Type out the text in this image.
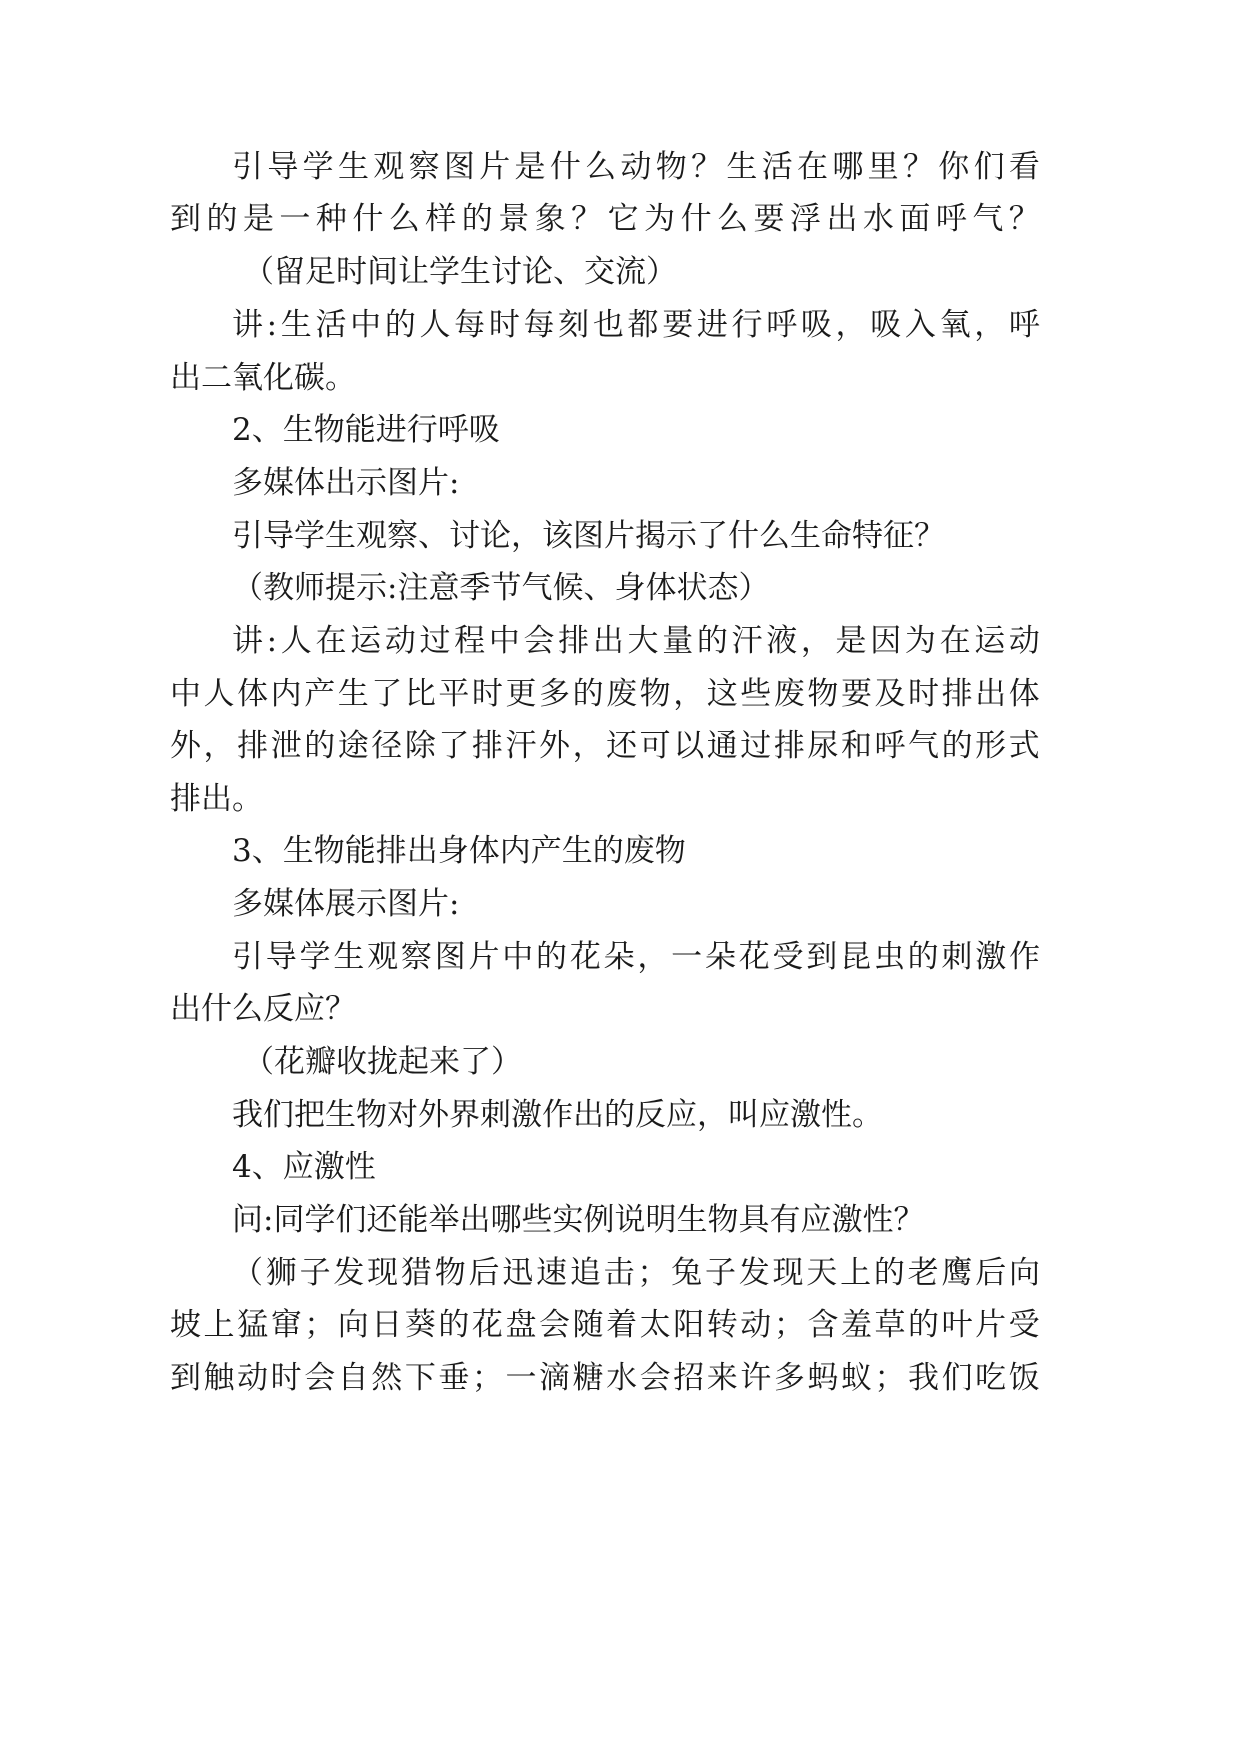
引 导 学 生 观 察 图 片 是 什 么 动 物 ？ 生 活 在 哪 里 ？ 你 们 看
到 的 是 一 种 什 么 样 的 景 象 ？ 它 为 什 么 要 浮 出 水 面 呼 气 ？
（留足时间让学生讨论、交流）
讲 : 生 活 中 的 人 每 时 每 刻 也 都 要 进 行 呼 吸 ， 吸 入 氧 ， 呼
出二氧化碳。
2、生物能进行呼吸
多媒体出示图片:
引导学生观察、讨论，该图片揭示了什么生命特征？
（教师提示:注意季节气候、身体状态）
讲 : 人 在 运 动 过 程 中 会 排 出 大 量 的 汗 液 ， 是 因 为 在 运 动
中 人 体 内 产 生 了 比 平 时 更 多 的 废 物 ， 这 些 废 物 要 及 时 排 出 体
外 ， 排 泄 的 途 径 除 了 排 汗 外 ， 还 可 以 通 过 排 尿 和 呼 气 的 形 式
排出。
3、生物能排出身体内产生的废物
多媒体展示图片:
引 导 学 生 观 察 图 片 中 的 花 朵 ， 一 朵 花 受 到 昆 虫 的 刺 激 作
出什么反应？
（花瓣收拢起来了）
我们把生物对外界刺激作出的反应，叫应激性。
4、应激性
问:同学们还能举出哪些实例说明生物具有应激性？
（ 狮 子 发 现 猎 物 后 迅 速 追 击 ； 兔 子 发 现 天 上 的 老 鹰 后 向
坡 上 猛 窜 ； 向 日 葵 的 花 盘 会 随 着 太 阳 转 动 ； 含 羞 草 的 叶 片 受
到 触 动 时 会 自 然 下 垂 ； 一 滴 糖 水 会 招 来 许 多 蚂 蚁 ； 我 们 吃 饭
